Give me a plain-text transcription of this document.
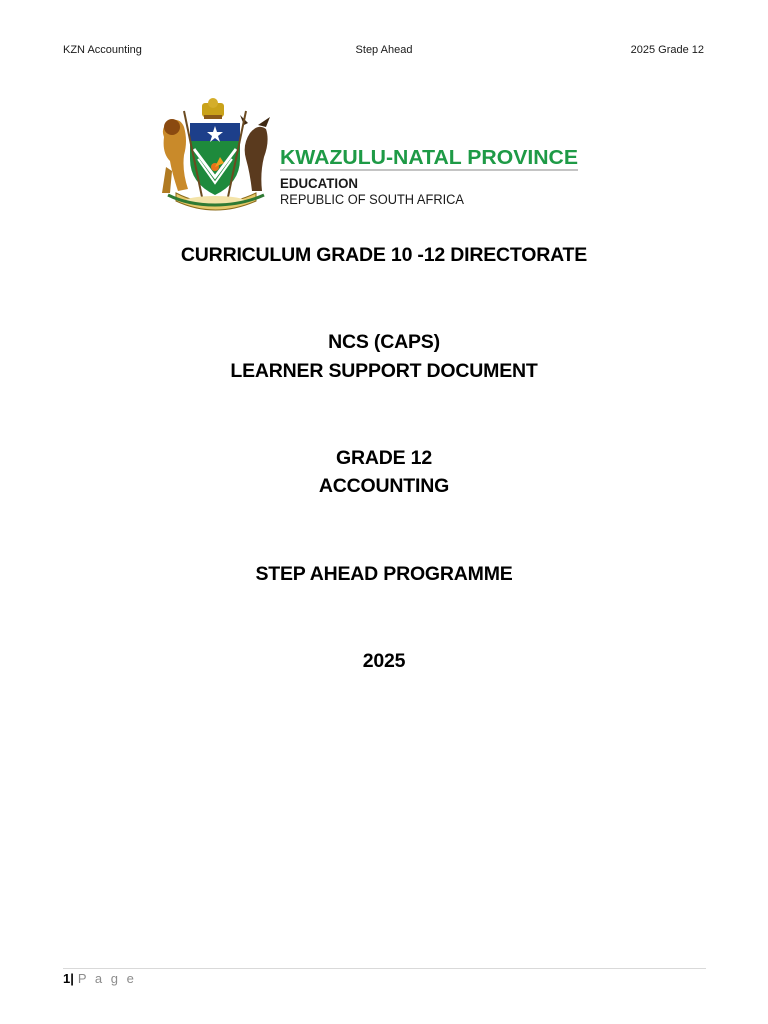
KZN Accounting	Step Ahead	2025 Grade 12
KWAZULU-NATAL PROVINCE
EDUCATION
REPUBLIC OF SOUTH AFRICA
CURRICULUM GRADE 10 -12 DIRECTORATE
NCS (CAPS)
LEARNER SUPPORT DOCUMENT
GRADE 12
ACCOUNTING
STEP AHEAD PROGRAMME
2025
1| P a g e
